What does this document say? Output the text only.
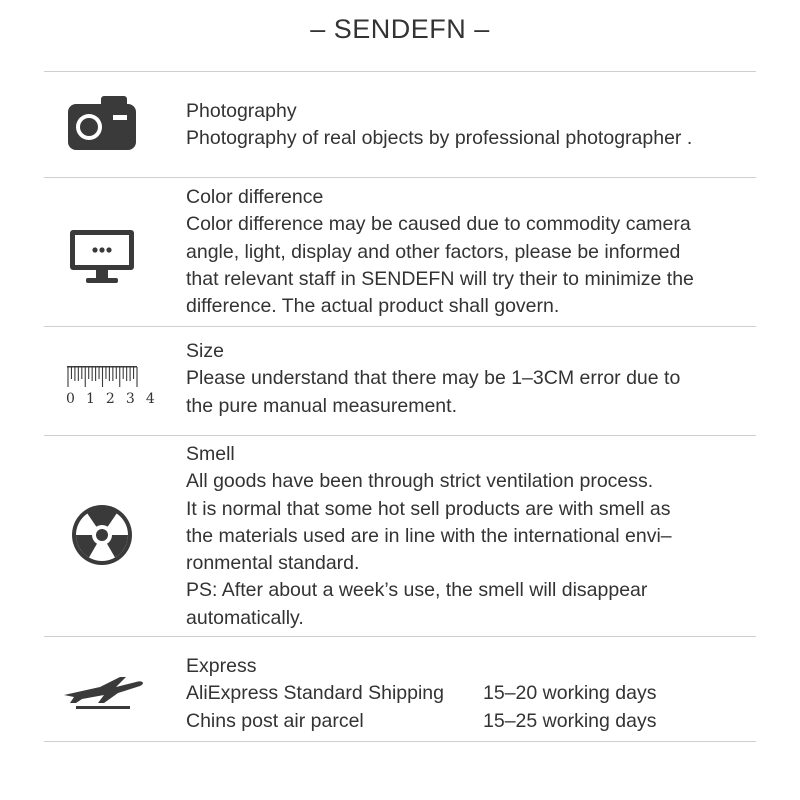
– SENDEFN –
Photography
Photography of real objects by professional photographer .
Color difference
Color difference may be caused due to commodity camera
angle, light, display and other factors, please be informed
that relevant staff in SENDEFN will try their to minimize the
difference. The actual product shall govern.
0 1 2 3 4
Size
Please understand that there may be 1–3CM error due to
the pure manual measurement.
Smell
All goods have been through strict ventilation process.
It is normal that some hot sell products are with smell as
the materials used are in line with the international envi–
ronmental standard.
PS: After about a week’s use, the smell will disappear
automatically.
Express
AliExpress Standard Shipping	15–20 working days
Chins post air parcel	15–25 working days
